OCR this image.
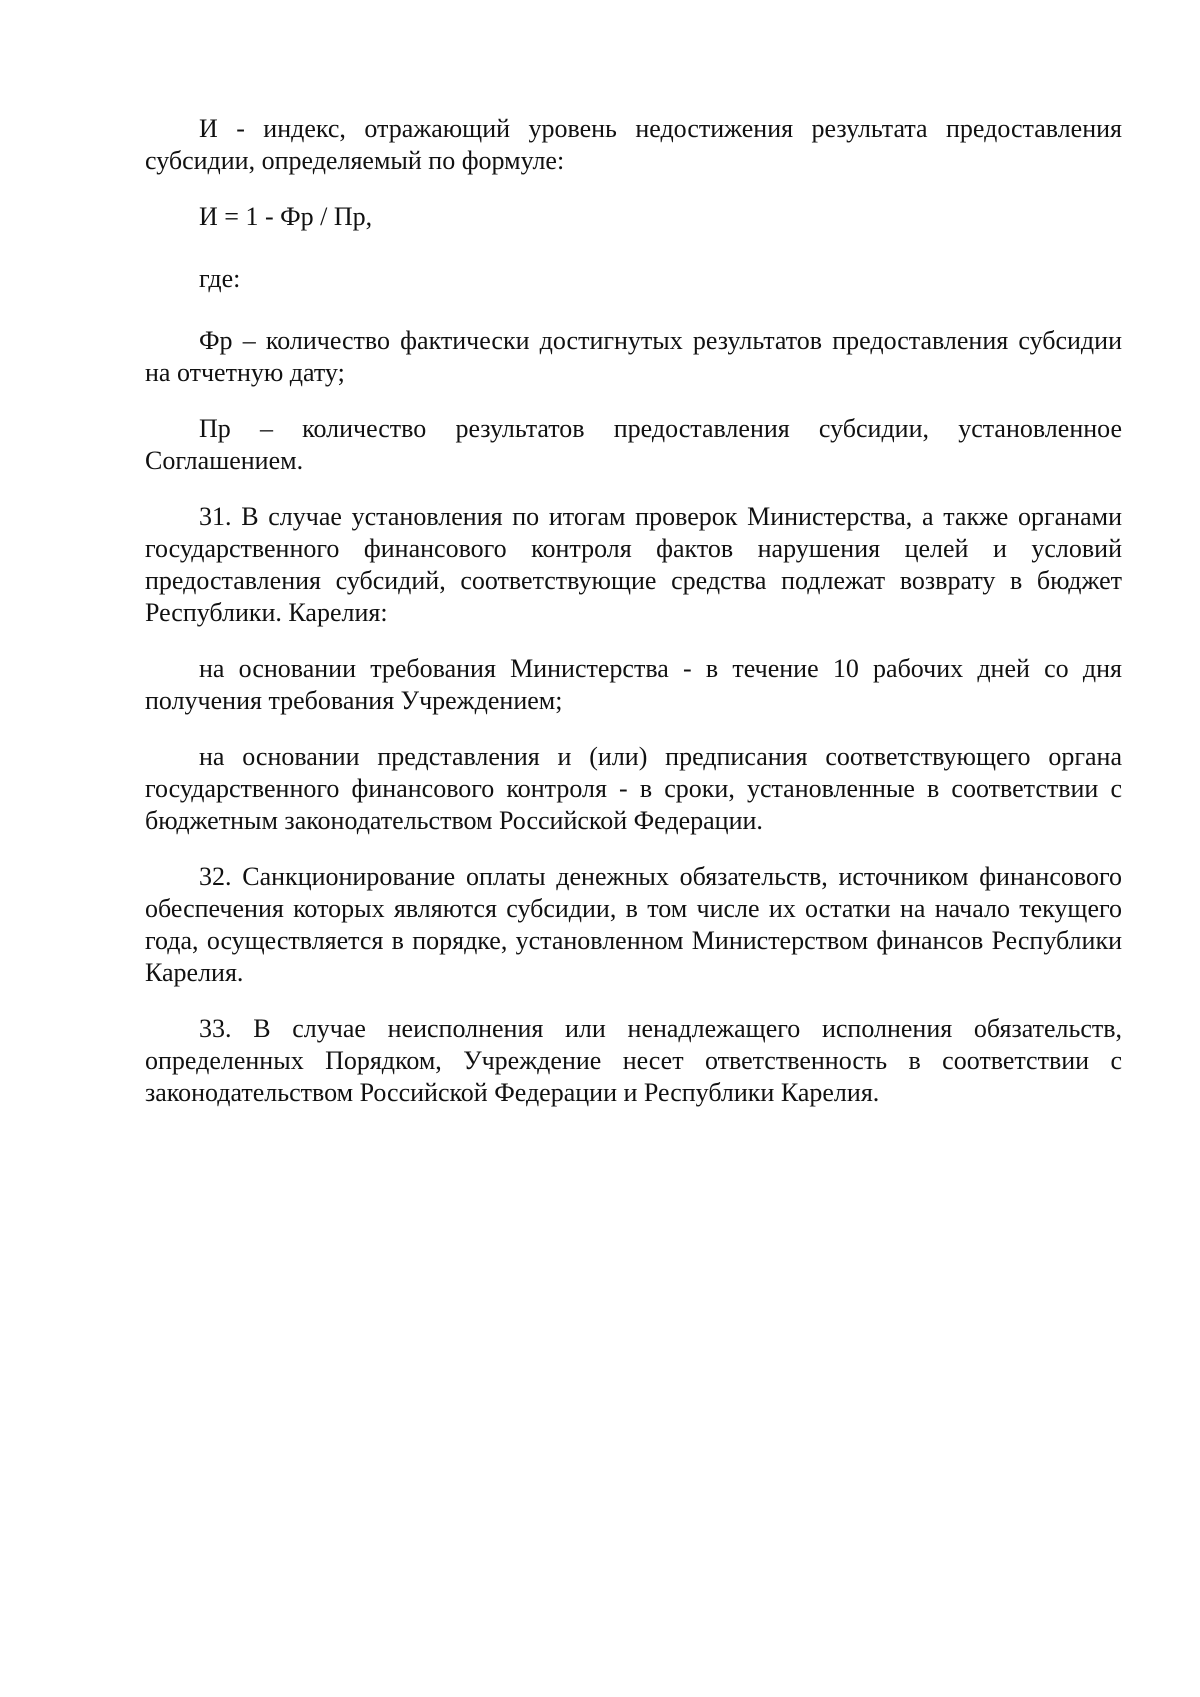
И - индекс, отражающий уровень недостижения результата предоставления субсидии, определяемый по формуле:

И = 1 - Фр / Пр,

где:

Фр – количество фактически достигнутых результатов предоставления субсидии на отчетную дату;

Пр – количество результатов предоставления субсидии, установленное Соглашением.

31. В случае установления по итогам проверок Министерства, а также органами государственного финансового контроля фактов нарушения целей и условий предоставления субсидий, соответствующие средства подлежат возврату в бюджет Республики. Карелия:

на основании требования Министерства - в течение 10 рабочих дней со дня получения требования Учреждением;

на основании представления и (или) предписания соответствующего органа государственного финансового контроля - в сроки, установленные в соответствии с бюджетным законодательством Российской Федерации.

32. Санкционирование оплаты денежных обязательств, источником финансового обеспечения которых являются субсидии, в том числе их остатки на начало текущего года, осуществляется в порядке, установленном Министерством финансов Республики Карелия.

33. В случае неисполнения или ненадлежащего исполнения обязательств, определенных Порядком, Учреждение несет ответственность в соответствии с законодательством Российской Федерации и Республики Карелия.
